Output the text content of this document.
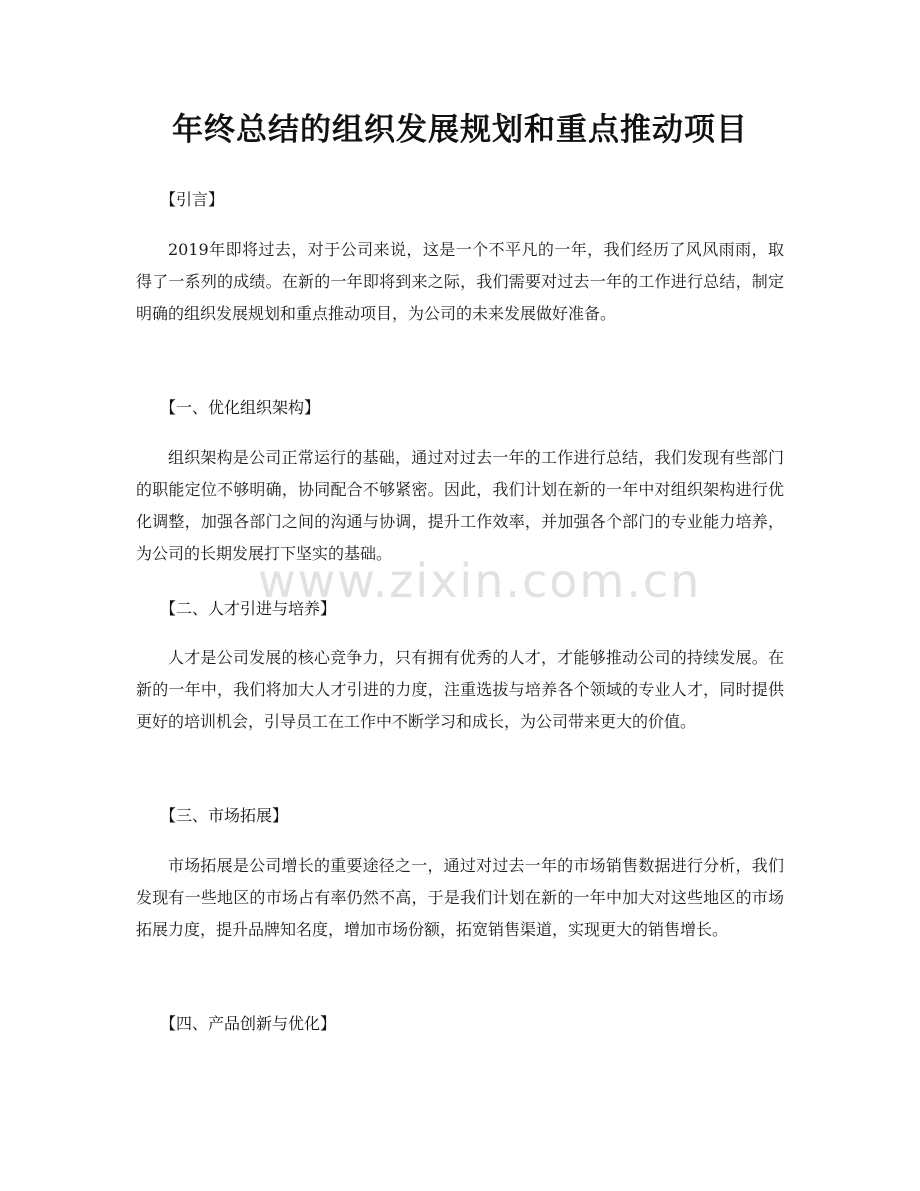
年终总结的组织发展规划和重点推动项目
【引言】

2019年即将过去，对于公司来说，这是一个不平凡的一年，我们经历了风风雨雨，取得了一系列的成绩。在新的一年即将到来之际，我们需要对过去一年的工作进行总结，制定明确的组织发展规划和重点推动项目，为公司的未来发展做好准备。

【一、优化组织架构】

组织架构是公司正常运行的基础，通过对过去一年的工作进行总结，我们发现有些部门的职能定位不够明确，协同配合不够紧密。因此，我们计划在新的一年中对组织架构进行优化调整，加强各部门之间的沟通与协调，提升工作效率，并加强各个部门的专业能力培养，为公司的长期发展打下坚实的基础。

www.zixin.com.cn
【二、人才引进与培养】

人才是公司发展的核心竞争力，只有拥有优秀的人才，才能够推动公司的持续发展。在新的一年中，我们将加大人才引进的力度，注重选拔与培养各个领域的专业人才，同时提供更好的培训机会，引导员工在工作中不断学习和成长，为公司带来更大的价值。

【三、市场拓展】

市场拓展是公司增长的重要途径之一，通过对过去一年的市场销售数据进行分析，我们发现有一些地区的市场占有率仍然不高，于是我们计划在新的一年中加大对这些地区的市场拓展力度，提升品牌知名度，增加市场份额，拓宽销售渠道，实现更大的销售增长。

【四、产品创新与优化】
